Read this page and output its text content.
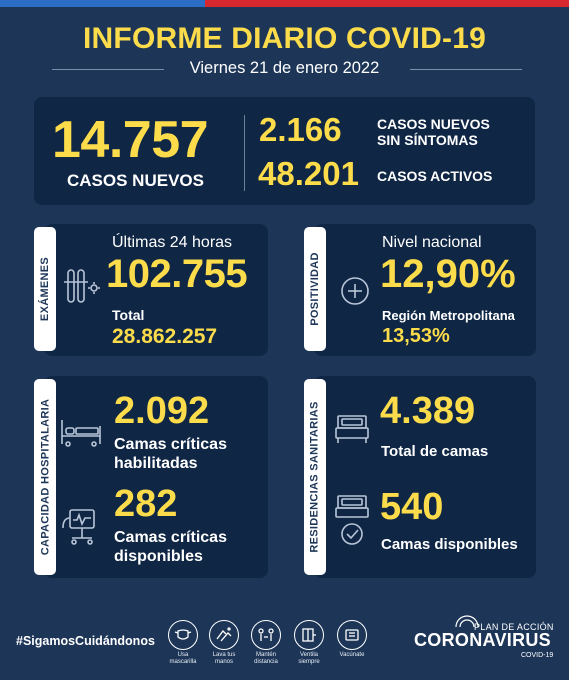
INFORME DIARIO COVID-19
Viernes 21 de enero 2022
14.757
CASOS NUEVOS
2.166	CASOS NUEVOS
SIN SÍNTOMAS
48.201 CASOS ACTIVOS
EXÁMENES
Últimas 24 horas
102.755
Total
28.862.257
POSITIVIDAD
Nivel nacional
12,90%
Región Metropolitana
13,53%
CAPACIDAD HOSPITALARIA 2.092
Camas críticas
habilitadas
282
Camas críticas
disponibles
RESIDENCIAS SANITARIAS 4.389
Total de camas
540
Camas disponibles
#SigamosCuidándonos
Usa
mascarilla
Lava tus
manos
Mantén
distancia
Ventila
siempre
Vacúnate
PLAN DE ACCIÓN
CORONAVIRUS
COVID-19
